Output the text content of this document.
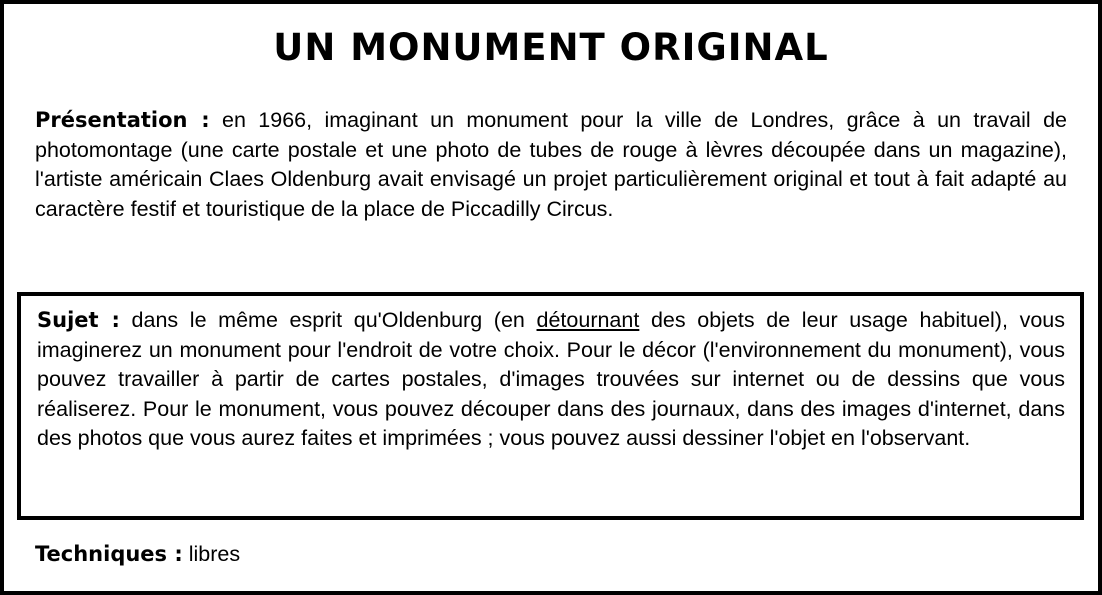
UN MONUMENT ORIGINAL

Présentation : en 1966, imaginant un monument pour la ville de Londres, grâce à un travail de photomontage (une carte postale et une photo de tubes de rouge à lèvres découpée dans un magazine), l'artiste américain Claes Oldenburg avait envisagé un projet particulièrement original et tout à fait adapté au caractère festif et touristique de la place de Piccadilly Circus.

Sujet : dans le même esprit qu'Oldenburg (en détournant des objets de leur usage habituel), vous imaginerez un monument pour l'endroit de votre choix. Pour le décor (l'environnement du monument), vous pouvez travailler à partir de cartes postales, d'images trouvées sur internet ou de dessins que vous réaliserez. Pour le monument, vous pouvez découper dans des journaux, dans des images d'internet, dans des photos que vous aurez faites et imprimées ; vous pouvez aussi dessiner l'objet en l'observant.

Techniques : libres
